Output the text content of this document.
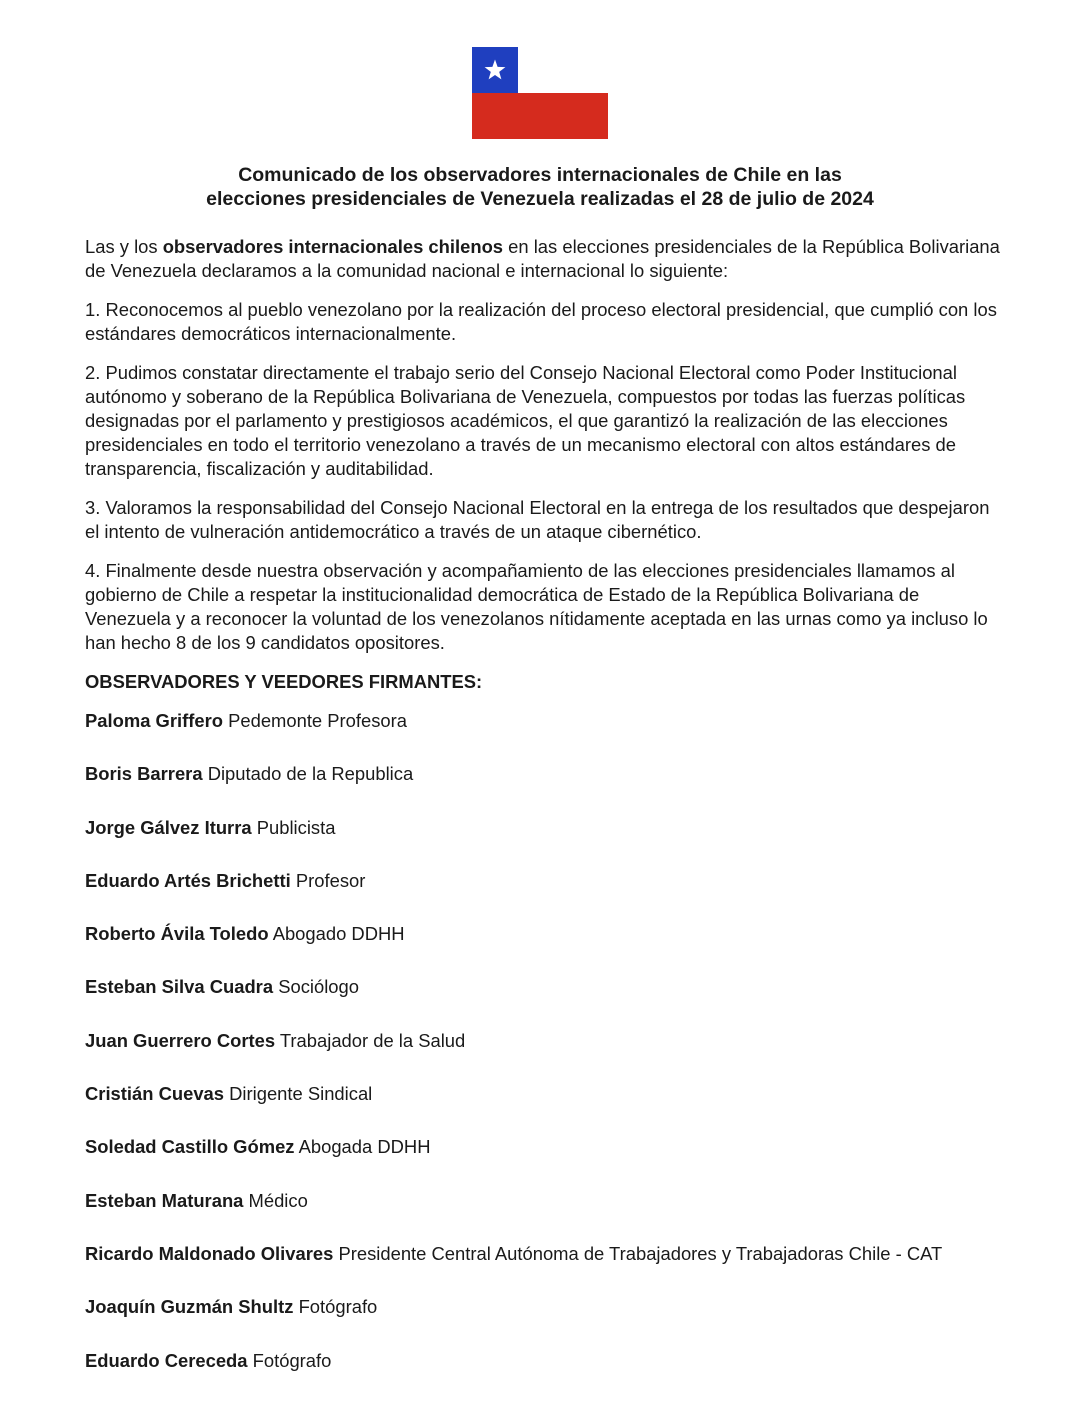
Comunicado de los observadores internacionales de Chile en las
elecciones presidenciales de Venezuela realizadas el 28 de julio de 2024

Las y los observadores internacionales chilenos en las elecciones presidenciales de la República Bolivariana de Venezuela declaramos a la comunidad nacional e internacional lo siguiente:

1. Reconocemos al pueblo venezolano por la realización del proceso electoral presidencial, que cumplió con los estándares democráticos internacionalmente.

2. Pudimos constatar directamente el trabajo serio del Consejo Nacional Electoral como Poder Institucional autónomo y soberano de la República Bolivariana de Venezuela, compuestos por todas las fuerzas políticas designadas por el parlamento y prestigiosos académicos, el que garantizó la realización de las elecciones presidenciales en todo el territorio venezolano a través de un mecanismo electoral con altos estándares de transparencia, fiscalización y auditabilidad.

3. Valoramos la responsabilidad del Consejo Nacional Electoral en la entrega de los resultados que despejaron el intento de vulneración antidemocrático a través de un ataque cibernético.

4. Finalmente desde nuestra observación y acompañamiento de las elecciones presidenciales llamamos al gobierno de Chile a respetar la institucionalidad democrática de Estado de la República Bolivariana de Venezuela y a reconocer la voluntad de los venezolanos nítidamente aceptada en las urnas como ya incluso lo han hecho 8 de los 9 candidatos opositores.

OBSERVADORES Y VEEDORES FIRMANTES:

Paloma Griffero Pedemonte Profesora

Boris Barrera Diputado de la Republica

Jorge Gálvez Iturra Publicista

Eduardo Artés Brichetti Profesor

Roberto Ávila Toledo Abogado DDHH

Esteban Silva Cuadra Sociólogo

Juan Guerrero Cortes Trabajador de la Salud

Cristián Cuevas Dirigente Sindical

Soledad Castillo Gómez Abogada DDHH

Esteban Maturana Médico

Ricardo Maldonado Olivares Presidente Central Autónoma de Trabajadores y Trabajadoras Chile - CAT

Joaquín Guzmán Shultz Fotógrafo

Eduardo Cereceda Fotógrafo
